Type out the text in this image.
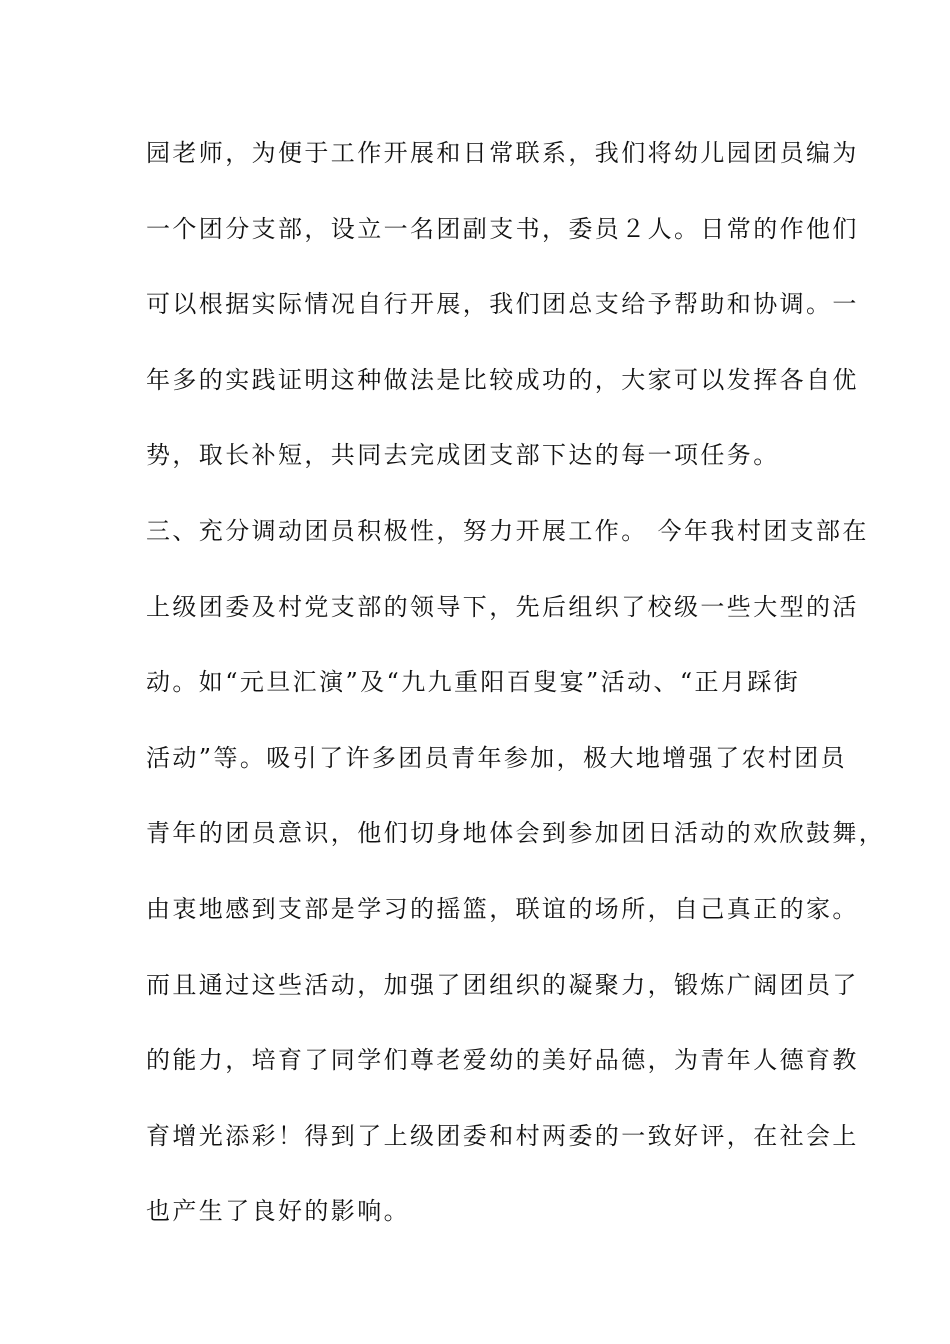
园老师，为便于工作开展和日常联系，我们将幼儿园团员编为
一个团分支部，设立一名团副支书，委员２人。日常的作他们
可以根据实际情况自行开展，我们团总支给予帮助和协调。一
年多的实践证明这种做法是比较成功的，大家可以发挥各自优
势，取长补短，共同去完成团支部下达的每一项任务。
三、充分调动团员积极性，努力开展工作。 今年我村团支部在
上级团委及村党支部的领导下，先后组织了校级一些大型的活
动。如“元旦汇演”及“九九重阳百叟宴”活动、“正月踩街
活动”等。吸引了许多团员青年参加，极大地增强了农村团员
青年的团员意识，他们切身地体会到参加团日活动的欢欣鼓舞，
由衷地感到支部是学习的摇篮，联谊的场所，自己真正的家。
而且通过这些活动，加强了团组织的凝聚力，锻炼广阔团员了
的能力，培育了同学们尊老爱幼的美好品德，为青年人德育教
育增光添彩！得到了上级团委和村两委的一致好评，在社会上
也产生了良好的影响。
